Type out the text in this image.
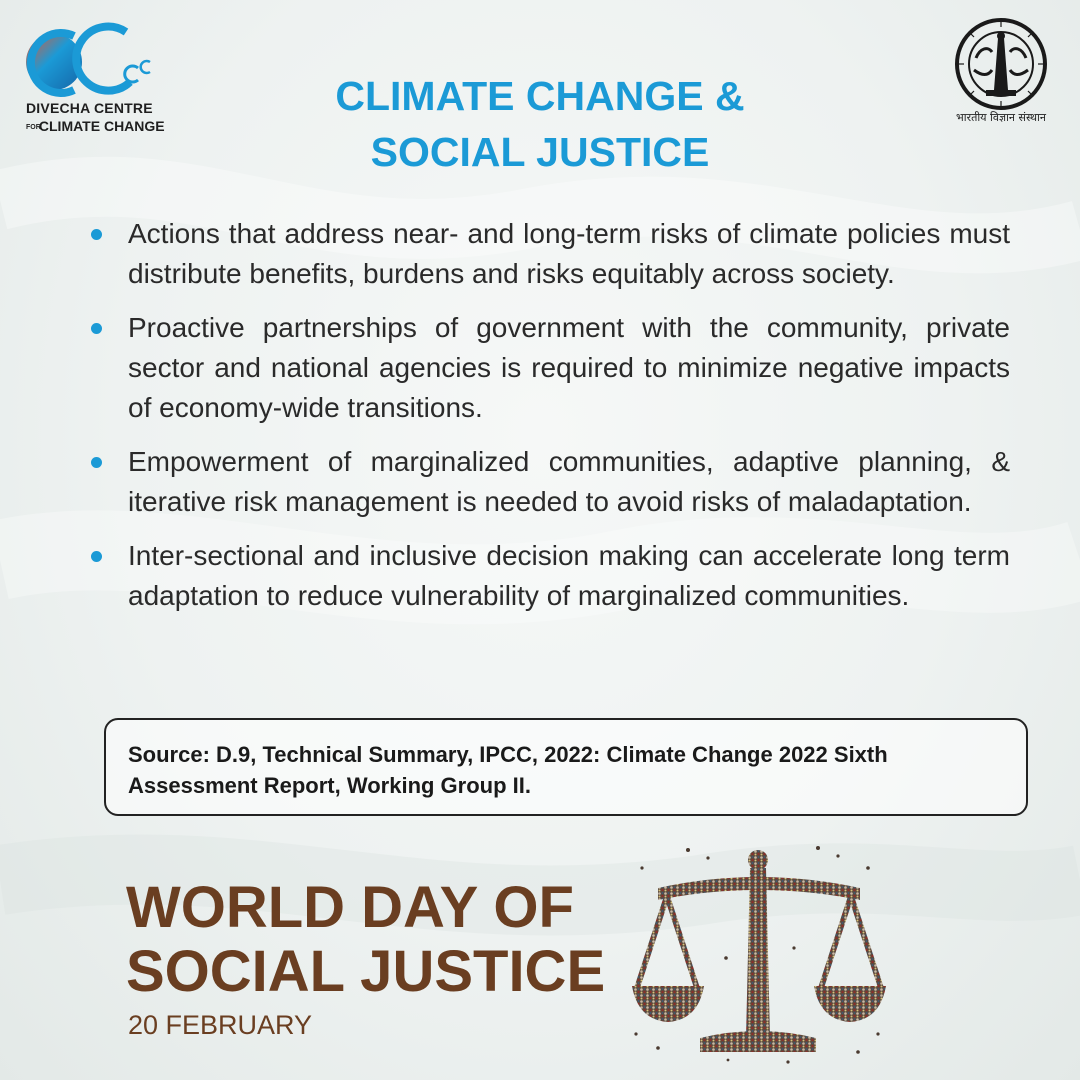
DIVECHA CENTRE
FOR CLIMATE CHANGE
भारतीय विज्ञान संस्थान
CLIMATE CHANGE &
SOCIAL JUSTICE
Actions that address near- and long-term risks of climate policies must distribute benefits, burdens and risks equitably across society.
Proactive partnerships of government with the community, private sector and national agencies is required to minimize negative impacts of economy-wide transitions.
Empowerment of marginalized communities, adaptive planning, & iterative risk management is needed to avoid risks of maladaptation.
Inter-sectional and inclusive decision making can accelerate long term adaptation to reduce vulnerability of marginalized communities.

Source: D.9, Technical Summary, IPCC, 2022: Climate Change 2022 Sixth Assessment Report, Working Group II.

WORLD DAY OF
SOCIAL JUSTICE
20 FEBRUARY
